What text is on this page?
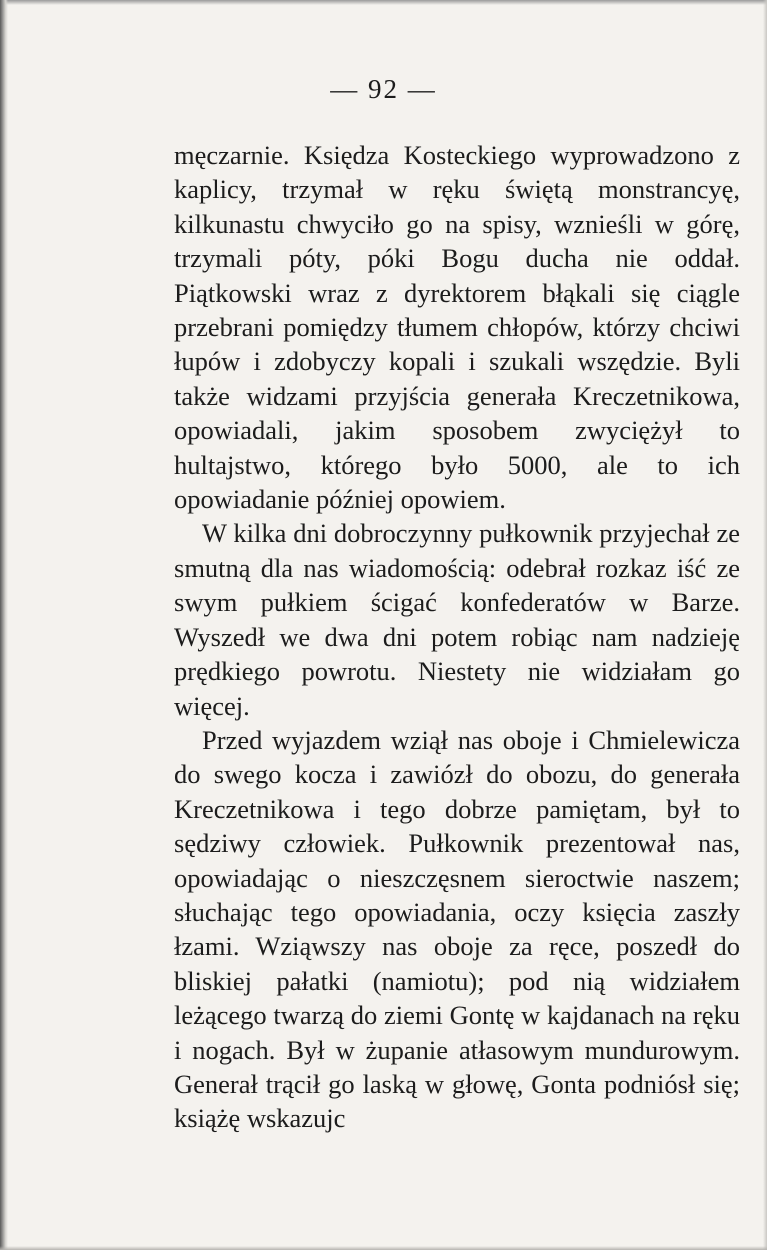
— 92 —

męczarnie. Księdza Kosteckiego wyprowadzono z kaplicy, trzymał w ręku świętą monstrancyę, kilkunastu chwyciło go na spisy, wznieśli w górę, trzymali póty, póki Bogu ducha nie oddał. Piątkowski wraz z dyrektorem błąkali się ciągle przebrani pomiędzy tłumem chłopów, którzy chciwi łupów i zdobyczy kopali i szukali wszędzie. Byli także widzami przyjścia generała Kreczetnikowa, opowiadali, jakim sposobem zwyciężył to hultajstwo, którego było 5000, ale to ich opowiadanie później opowiem.

W kilka dni dobroczynny pułkownik przyjechał ze smutną dla nas wiadomością: odebrał rozkaz iść ze swym pułkiem ścigać konfederatów w Barze. Wyszedł we dwa dni potem robiąc nam nadzieję prędkiego powrotu. Niestety nie widziałam go więcej.

Przed wyjazdem wziął nas oboje i Chmielewicza do swego kocza i zawiózł do obozu, do generała Kreczetnikowa i tego dobrze pamiętam, był to sędziwy człowiek. Pułkownik prezentował nas, opowiadając o nieszczęsnem sieroctwie naszem; słuchając tego opowiadania, oczy księcia zaszły łzami. Wziąwszy nas oboje za ręce, poszedł do bliskiej pałatki (namiotu); pod nią widziałem leżącego twarzą do ziemi Gontę w kajdanach na ręku i nogach. Był w żupanie atłasowym mundurowym. Generał trącił go laską w głowę, Gonta podniósł się; książę wskazujc
